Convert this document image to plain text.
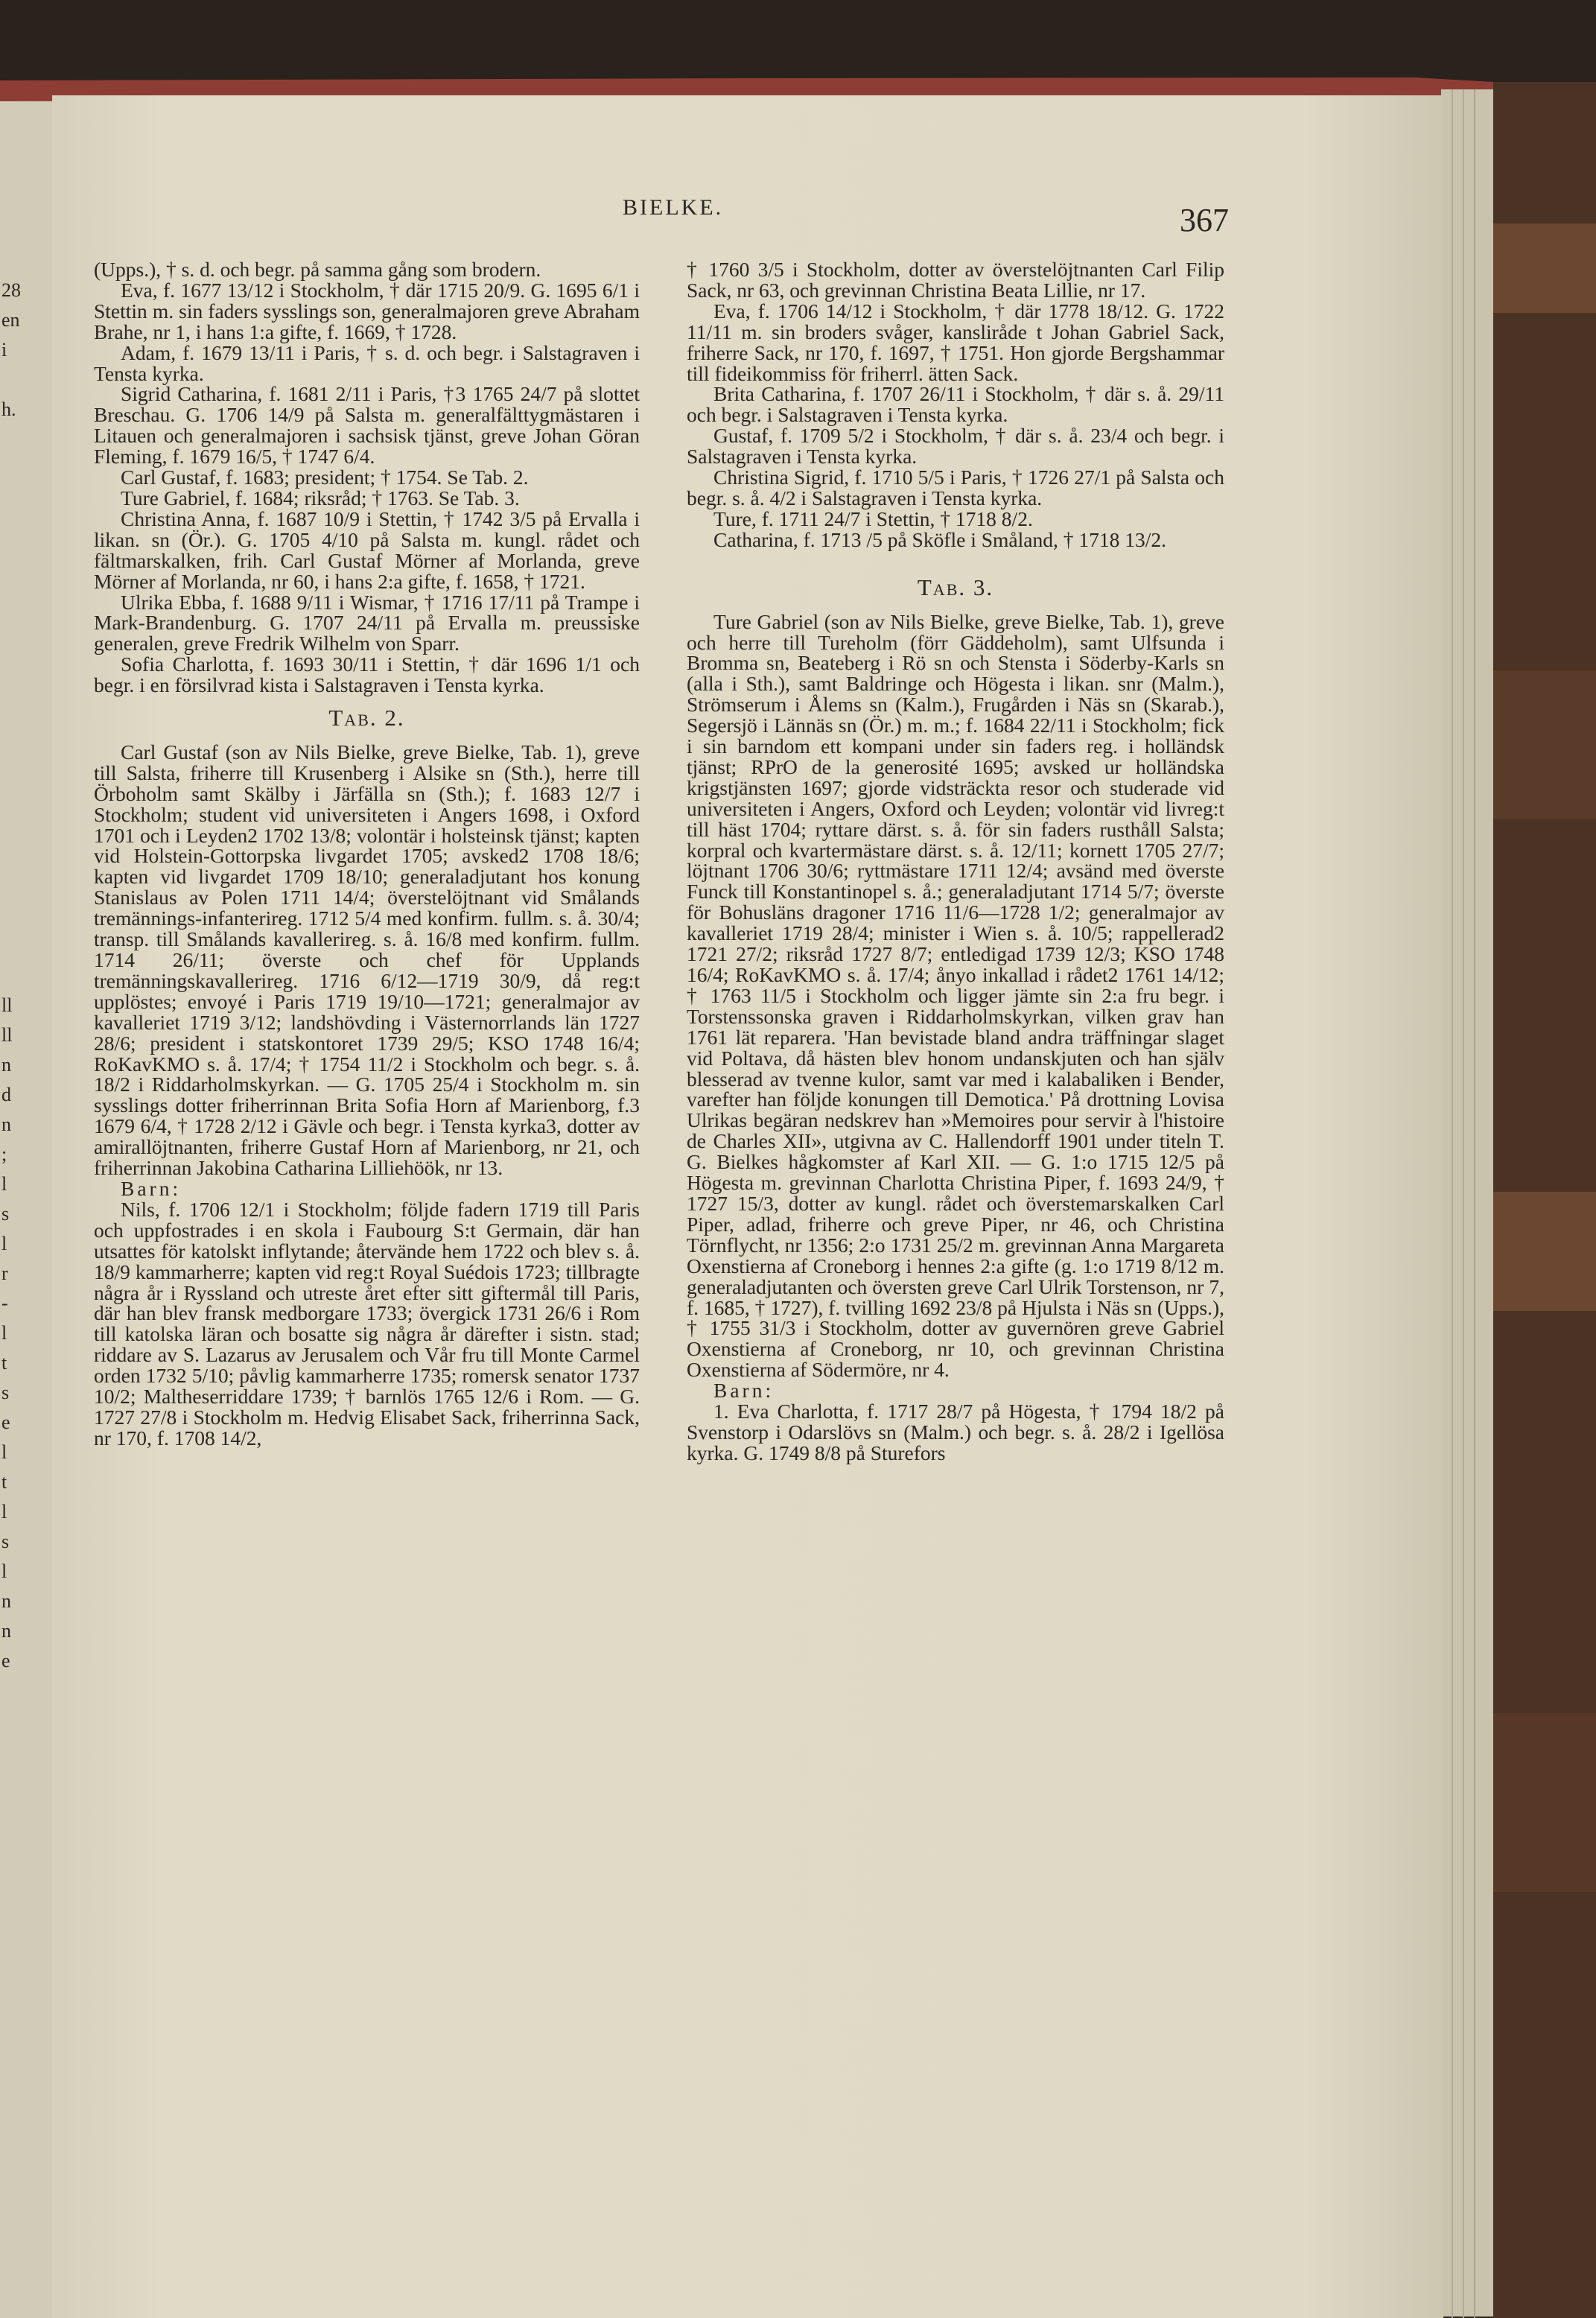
BIELKE.	367
28
en
i
h.
ll
ll
n
d
n
;
l
s
l
r
-
l
t
s
e
l
t
l
s
l
n
n
e

(Upps.), † s. d. och begr. på samma gång som brodern.

Eva, f. 1677 13/12 i Stockholm, † där 1715 20/9. G. 1695 6/1 i Stettin m. sin faders sysslings son, generalmajoren greve Abraham Brahe, nr 1, i hans 1:a gifte, f. 1669, † 1728.

Adam, f. 1679 13/11 i Paris, † s. d. och begr. i Salstagraven i Tensta kyrka.

Sigrid Catharina, f. 1681 2/11 i Paris, †3 1765 24/7 på slottet Breschau. G. 1706 14/9 på Salsta m. generalfälttygmästaren i Litauen och generalmajoren i sachsisk tjänst, greve Johan Göran Fleming, f. 1679 16/5, † 1747 6/4.

Carl Gustaf, f. 1683; president; † 1754. Se Tab. 2.

Ture Gabriel, f. 1684; riksråd; † 1763. Se Tab. 3.

Christina Anna, f. 1687 10/9 i Stettin, † 1742 3/5 på Ervalla i likan. sn (Ör.). G. 1705 4/10 på Salsta m. kungl. rådet och fältmarskalken, frih. Carl Gustaf Mörner af Morlanda, greve Mörner af Morlanda, nr 60, i hans 2:a gifte, f. 1658, † 1721.

Ulrika Ebba, f. 1688 9/11 i Wismar, † 1716 17/11 på Trampe i Mark-Brandenburg. G. 1707 24/11 på Ervalla m. preussiske generalen, greve Fredrik Wilhelm von Sparr.

Sofia Charlotta, f. 1693 30/11 i Stettin, † där 1696 1/1 och begr. i en försilvrad kista i Salstagraven i Tensta kyrka.

Tab. 2.

Carl Gustaf (son av Nils Bielke, greve Bielke, Tab. 1), greve till Salsta, friherre till Krusenberg i Alsike sn (Sth.), herre till Örboholm samt Skälby i Järfälla sn (Sth.); f. 1683 12/7 i Stockholm; student vid universiteten i Angers 1698, i Oxford 1701 och i Leyden2 1702 13/8; volontär i holsteinsk tjänst; kapten vid Holstein-Gottorpska livgardet 1705; avsked2 1708 18/6; kapten vid livgardet 1709 18/10; generaladjutant hos konung Stanislaus av Polen 1711 14/4; överstelöjtnant vid Smålands tremännings-infanterireg. 1712 5/4 med konfirm. fullm. s. å. 30/4; transp. till Smålands kavallerireg. s. å. 16/8 med konfirm. fullm. 1714 26/11; överste och chef för Upplands tremänningskavallerireg. 1716 6/12—1719 30/9, då reg:t upplöstes; envoyé i Paris 1719 19/10—1721; generalmajor av kavalleriet 1719 3/12; landshövding i Västernorrlands län 1727 28/6; president i statskontoret 1739 29/5; KSO 1748 16/4; RoKavKMO s. å. 17/4; † 1754 11/2 i Stockholm och begr. s. å. 18/2 i Riddarholmskyrkan. — G. 1705 25/4 i Stockholm m. sin sysslings dotter friherrinnan Brita Sofia Horn af Marienborg, f.3 1679 6/4, † 1728 2/12 i Gävle och begr. i Tensta kyrka3, dotter av amirallöjtnanten, friherre Gustaf Horn af Marienborg, nr 21, och friherrinnan Jakobina Catharina Lilliehöök, nr 13.

Barn:

Nils, f. 1706 12/1 i Stockholm; följde fadern 1719 till Paris och uppfostrades i en skola i Faubourg S:t Germain, där han utsattes för katolskt inflytande; återvände hem 1722 och blev s. å. 18/9 kammarherre; kapten vid reg:t Royal Suédois 1723; tillbragte några år i Ryssland och utreste året efter sitt giftermål till Paris, där han blev fransk medborgare 1733; övergick 1731 26/6 i Rom till katolska läran och bosatte sig några år därefter i sistn. stad; riddare av S. Lazarus av Jerusalem och Vår fru till Monte Carmel orden 1732 5/10; påvlig kammarherre 1735; romersk senator 1737 10/2; Maltheserriddare 1739; † barnlös 1765 12/6 i Rom. — G. 1727 27/8 i Stockholm m. Hedvig Elisabet Sack, friherrinna Sack, nr 170, f. 1708 14/2,

† 1760 3/5 i Stockholm, dotter av överstelöjtnanten Carl Filip Sack, nr 63, och grevinnan Christina Beata Lillie, nr 17.

Eva, f. 1706 14/12 i Stockholm, † där 1778 18/12. G. 1722 11/11 m. sin broders svåger, kansliråde t Johan Gabriel Sack, friherre Sack, nr 170, f. 1697, † 1751. Hon gjorde Bergshammar till fideikommiss för friherrl. ätten Sack.

Brita Catharina, f. 1707 26/11 i Stockholm, † där s. å. 29/11 och begr. i Salstagraven i Tensta kyrka.

Gustaf, f. 1709 5/2 i Stockholm, † där s. å. 23/4 och begr. i Salstagraven i Tensta kyrka.

Christina Sigrid, f. 1710 5/5 i Paris, † 1726 27/1 på Salsta och begr. s. å. 4/2 i Salstagraven i Tensta kyrka.

Ture, f. 1711 24/7 i Stettin, † 1718 8/2.

Catharina, f. 1713 /5 på Sköfle i Småland, † 1718 13/2.

Tab. 3.

Ture Gabriel (son av Nils Bielke, greve Bielke, Tab. 1), greve och herre till Tureholm (förr Gäddeholm), samt Ulfsunda i Bromma sn, Beateberg i Rö sn och Stensta i Söderby-Karls sn (alla i Sth.), samt Baldringe och Högesta i likan. snr (Malm.), Strömserum i Ålems sn (Kalm.), Frugården i Näs sn (Skarab.), Segersjö i Lännäs sn (Ör.) m. m.; f. 1684 22/11 i Stockholm; fick i sin barndom ett kompani under sin faders reg. i holländsk tjänst; RPrO de la generosité 1695; avsked ur holländska krigstjänsten 1697; gjorde vidsträckta resor och studerade vid universiteten i Angers, Oxford och Leyden; volontär vid livreg:t till häst 1704; ryttare därst. s. å. för sin faders rusthåll Salsta; korpral och kvartermästare därst. s. å. 12/11; kornett 1705 27/7; löjtnant 1706 30/6; ryttmästare 1711 12/4; avsänd med överste Funck till Konstantinopel s. å.; generaladjutant 1714 5/7; överste för Bohusläns dragoner 1716 11/6—1728 1/2; generalmajor av kavalleriet 1719 28/4; minister i Wien s. å. 10/5; rappellerad2 1721 27/2; riksråd 1727 8/7; entledigad 1739 12/3; KSO 1748 16/4; RoKavKMO s. å. 17/4; ånyo inkallad i rådet2 1761 14/12; † 1763 11/5 i Stockholm och ligger jämte sin 2:a fru begr. i Torstenssonska graven i Riddarholmskyrkan, vilken grav han 1761 lät reparera. 'Han bevistade bland andra träffningar slaget vid Poltava, då hästen blev honom undanskjuten och han själv blesserad av tvenne kulor, samt var med i kalabaliken i Bender, varefter han följde konungen till Demotica.' På drottning Lovisa Ulrikas begäran nedskrev han »Memoires pour servir à l'histoire de Charles XII», utgivna av C. Hallendorff 1901 under titeln T. G. Bielkes hågkomster af Karl XII. — G. 1:o 1715 12/5 på Högesta m. grevinnan Charlotta Christina Piper, f. 1693 24/9, † 1727 15/3, dotter av kungl. rådet och överstemarskalken Carl Piper, adlad, friherre och greve Piper, nr 46, och Christina Törnflycht, nr 1356; 2:o 1731 25/2 m. grevinnan Anna Margareta Oxenstierna af Croneborg i hennes 2:a gifte (g. 1:o 1719 8/12 m. generaladjutanten och översten greve Carl Ulrik Torstenson, nr 7, f. 1685, † 1727), f. tvilling 1692 23/8 på Hjulsta i Näs sn (Upps.), † 1755 31/3 i Stockholm, dotter av guvernören greve Gabriel Oxenstierna af Croneborg, nr 10, och grevinnan Christina Oxenstierna af Södermöre, nr 4.

Barn:

1. Eva Charlotta, f. 1717 28/7 på Högesta, † 1794 18/2 på Svenstorp i Odarslövs sn (Malm.) och begr. s. å. 28/2 i Igellösa kyrka. G. 1749 8/8 på Sturefors
